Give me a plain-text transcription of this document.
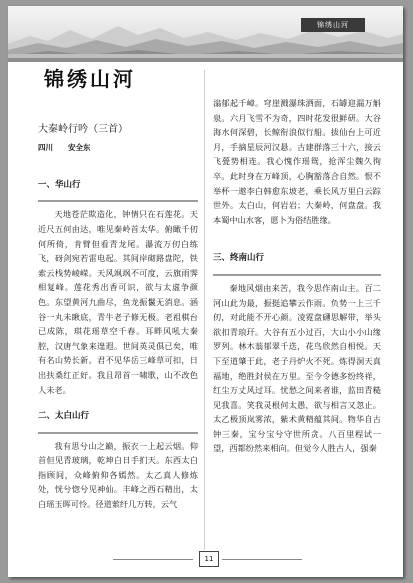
锦绣山河
锦绣山河
大秦岭行吟（三首）
四川　　安全东
一、华山行

天地苍茫欺造化，钟情只在石莲花。天近尺五何由达，唯见秦岭首太华。俯瞰千仞何所倚，肯臂但看青龙尾。瀑流万仞白练飞，砑剑宛若雷电起。其间岸砌路盘陀，铁索云栈势崚嵘。天风飒飒不可度，云旗雨霁相复峰。莲花秀出香可识，欲与太虚争颜色。东望黄河九曲尽，鱼龙振鬣无消息。涵谷一丸未瞅底，青牛老子修无极。老祖棋台已成陈，琪花瑶草空千春。耳畔风吼大秦腔，汉唐气象来遑遐。世间英灵俱已矣，唯有名山势长新。君不见华岳三峰草可扣，日出扶桑红正好。我且昂首一啸歌，山不改色人未老。

二、太白山行

我有思兮山之巅，振衣一上起云烟。仰首但见青玻璃，乾坤白日手扪天。东西太白指顾间，众峰俯仰各嫣然。太乙真人修炼处，恍兮惚兮见神仙。丰峰之西石精出，太白瑶玉晖可怜。径道萦纡几万转，云气

滃郁起千嶂。穹崖溅瀑珠洒面，石罅迎漏万斛泉。六月飞雪不为奇，四时花发很鲜研。大谷海水何深碧，长鲸衔浪似行船。拔仙台上可近月，手摘星辰河汉悬。古建群落三十六，接云飞甍势相连。我心愧作瑶鸳，抢浑尘魏久徇卒。此时身在万峰顶，心胸豁落合自然。恨不举杯一遨李白韩愈东坡老，乘长风万里白云踪世外。太白山，何岩岩；大秦岭，何盘盘。我本蜀中山水客，愿卜为俗结胜缘。

三、终南山行

秦地风烟由来苦，我今思作南山主。百二河山此为最，振挺追攀云作雨。负势一上三千仞，对此能不开心颜。凌霓盘礴思解带，举头欲扣青琅玕。大谷有五小过百，大山小小山缘罗列。林木蓊郁翠千迭，花鸟欣然自相悦。天下至道肇于此，老子丹炉火不死。炼得洞天真福地，绝胜封侯在万里。至今令德多纷终祥，红尘万丈风过耳。忧愁之间来者谁，监田青糙见我喜。笑我灵根何太愚，欲与相言又忽止。太乙极顶岚雾浓，紫术黄精蕴其间。物华自古钟三秦，宝兮宝兮守世所贪。八百里程试一望，西都纷然来相向。但觉今人胜古人，强秦

11
